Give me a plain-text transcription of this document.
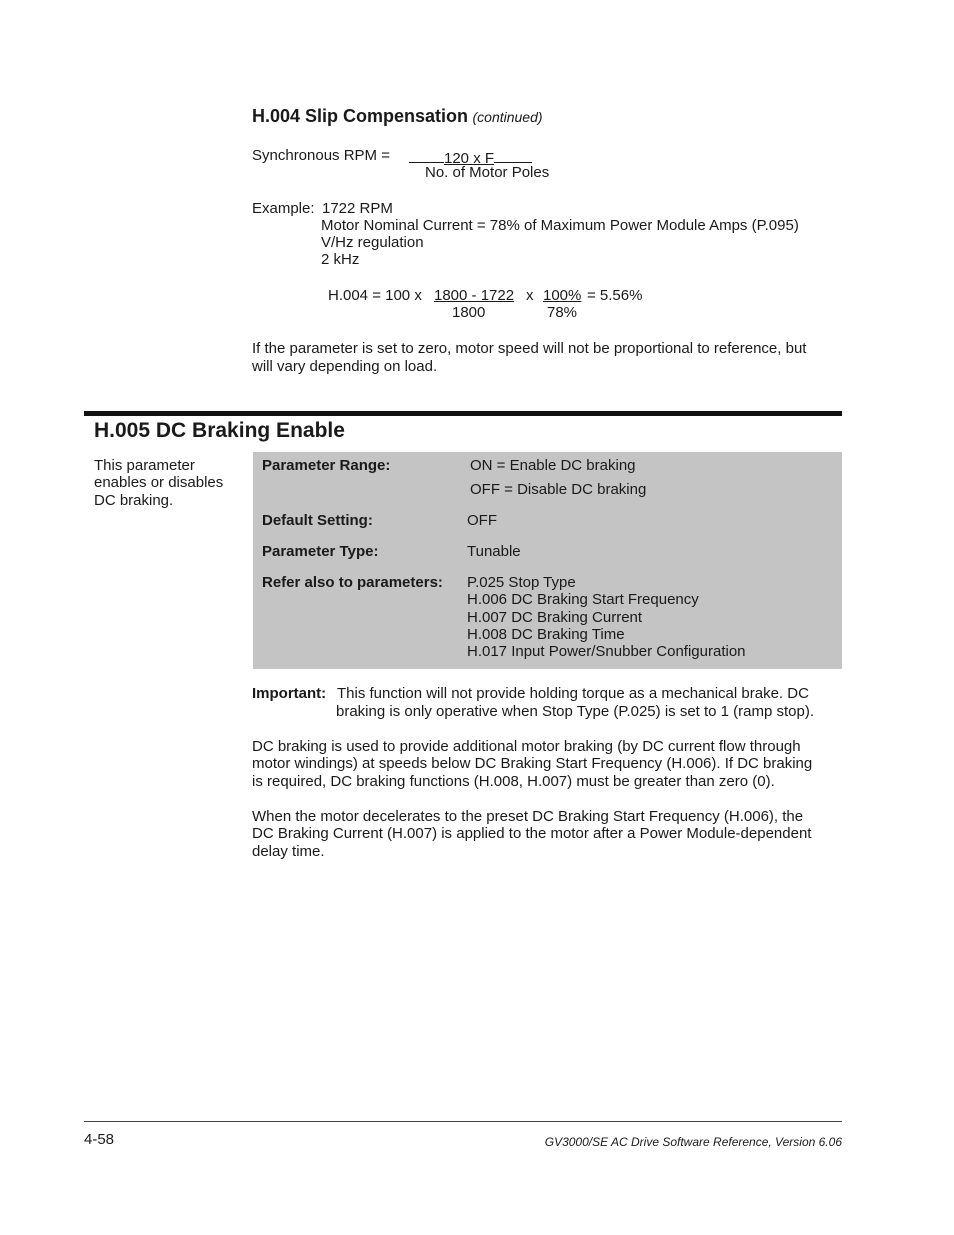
H.004 Slip Compensation (continued)
Synchronous RPM =	120 x F
No. of Motor Poles
Example: 1722 RPM
Motor Nominal Current = 78% of Maximum Power Module Amps (P.095)
V/Hz regulation
2 kHz
H.004 = 100 x 1800 - 1722 x 100% = 5.56%
1800	78%
If the parameter is set to zero, motor speed will not be proportional to reference, but
will vary depending on load.
H.005 DC Braking Enable
This parameter
enables or disables
DC braking.
Parameter Range:	ON = Enable DC braking
OFF = Disable DC braking
Default Setting:	OFF
Parameter Type:	Tunable
Refer also to parameters: P.025 Stop Type
H.006 DC Braking Start Frequency
H.007 DC Braking Current
H.008 DC Braking Time
H.017 Input Power/Snubber Configuration
Important: This function will not provide holding torque as a mechanical brake. DC
braking is only operative when Stop Type (P.025) is set to 1 (ramp stop).
DC braking is used to provide additional motor braking (by DC current flow through
motor windings) at speeds below DC Braking Start Frequency (H.006). If DC braking
is required, DC braking functions (H.008, H.007) must be greater than zero (0).
When the motor decelerates to the preset DC Braking Start Frequency (H.006), the
DC Braking Current (H.007) is applied to the motor after a Power Module-dependent
delay time.
4-58	GV3000/SE AC Drive Software Reference, Version 6.06
